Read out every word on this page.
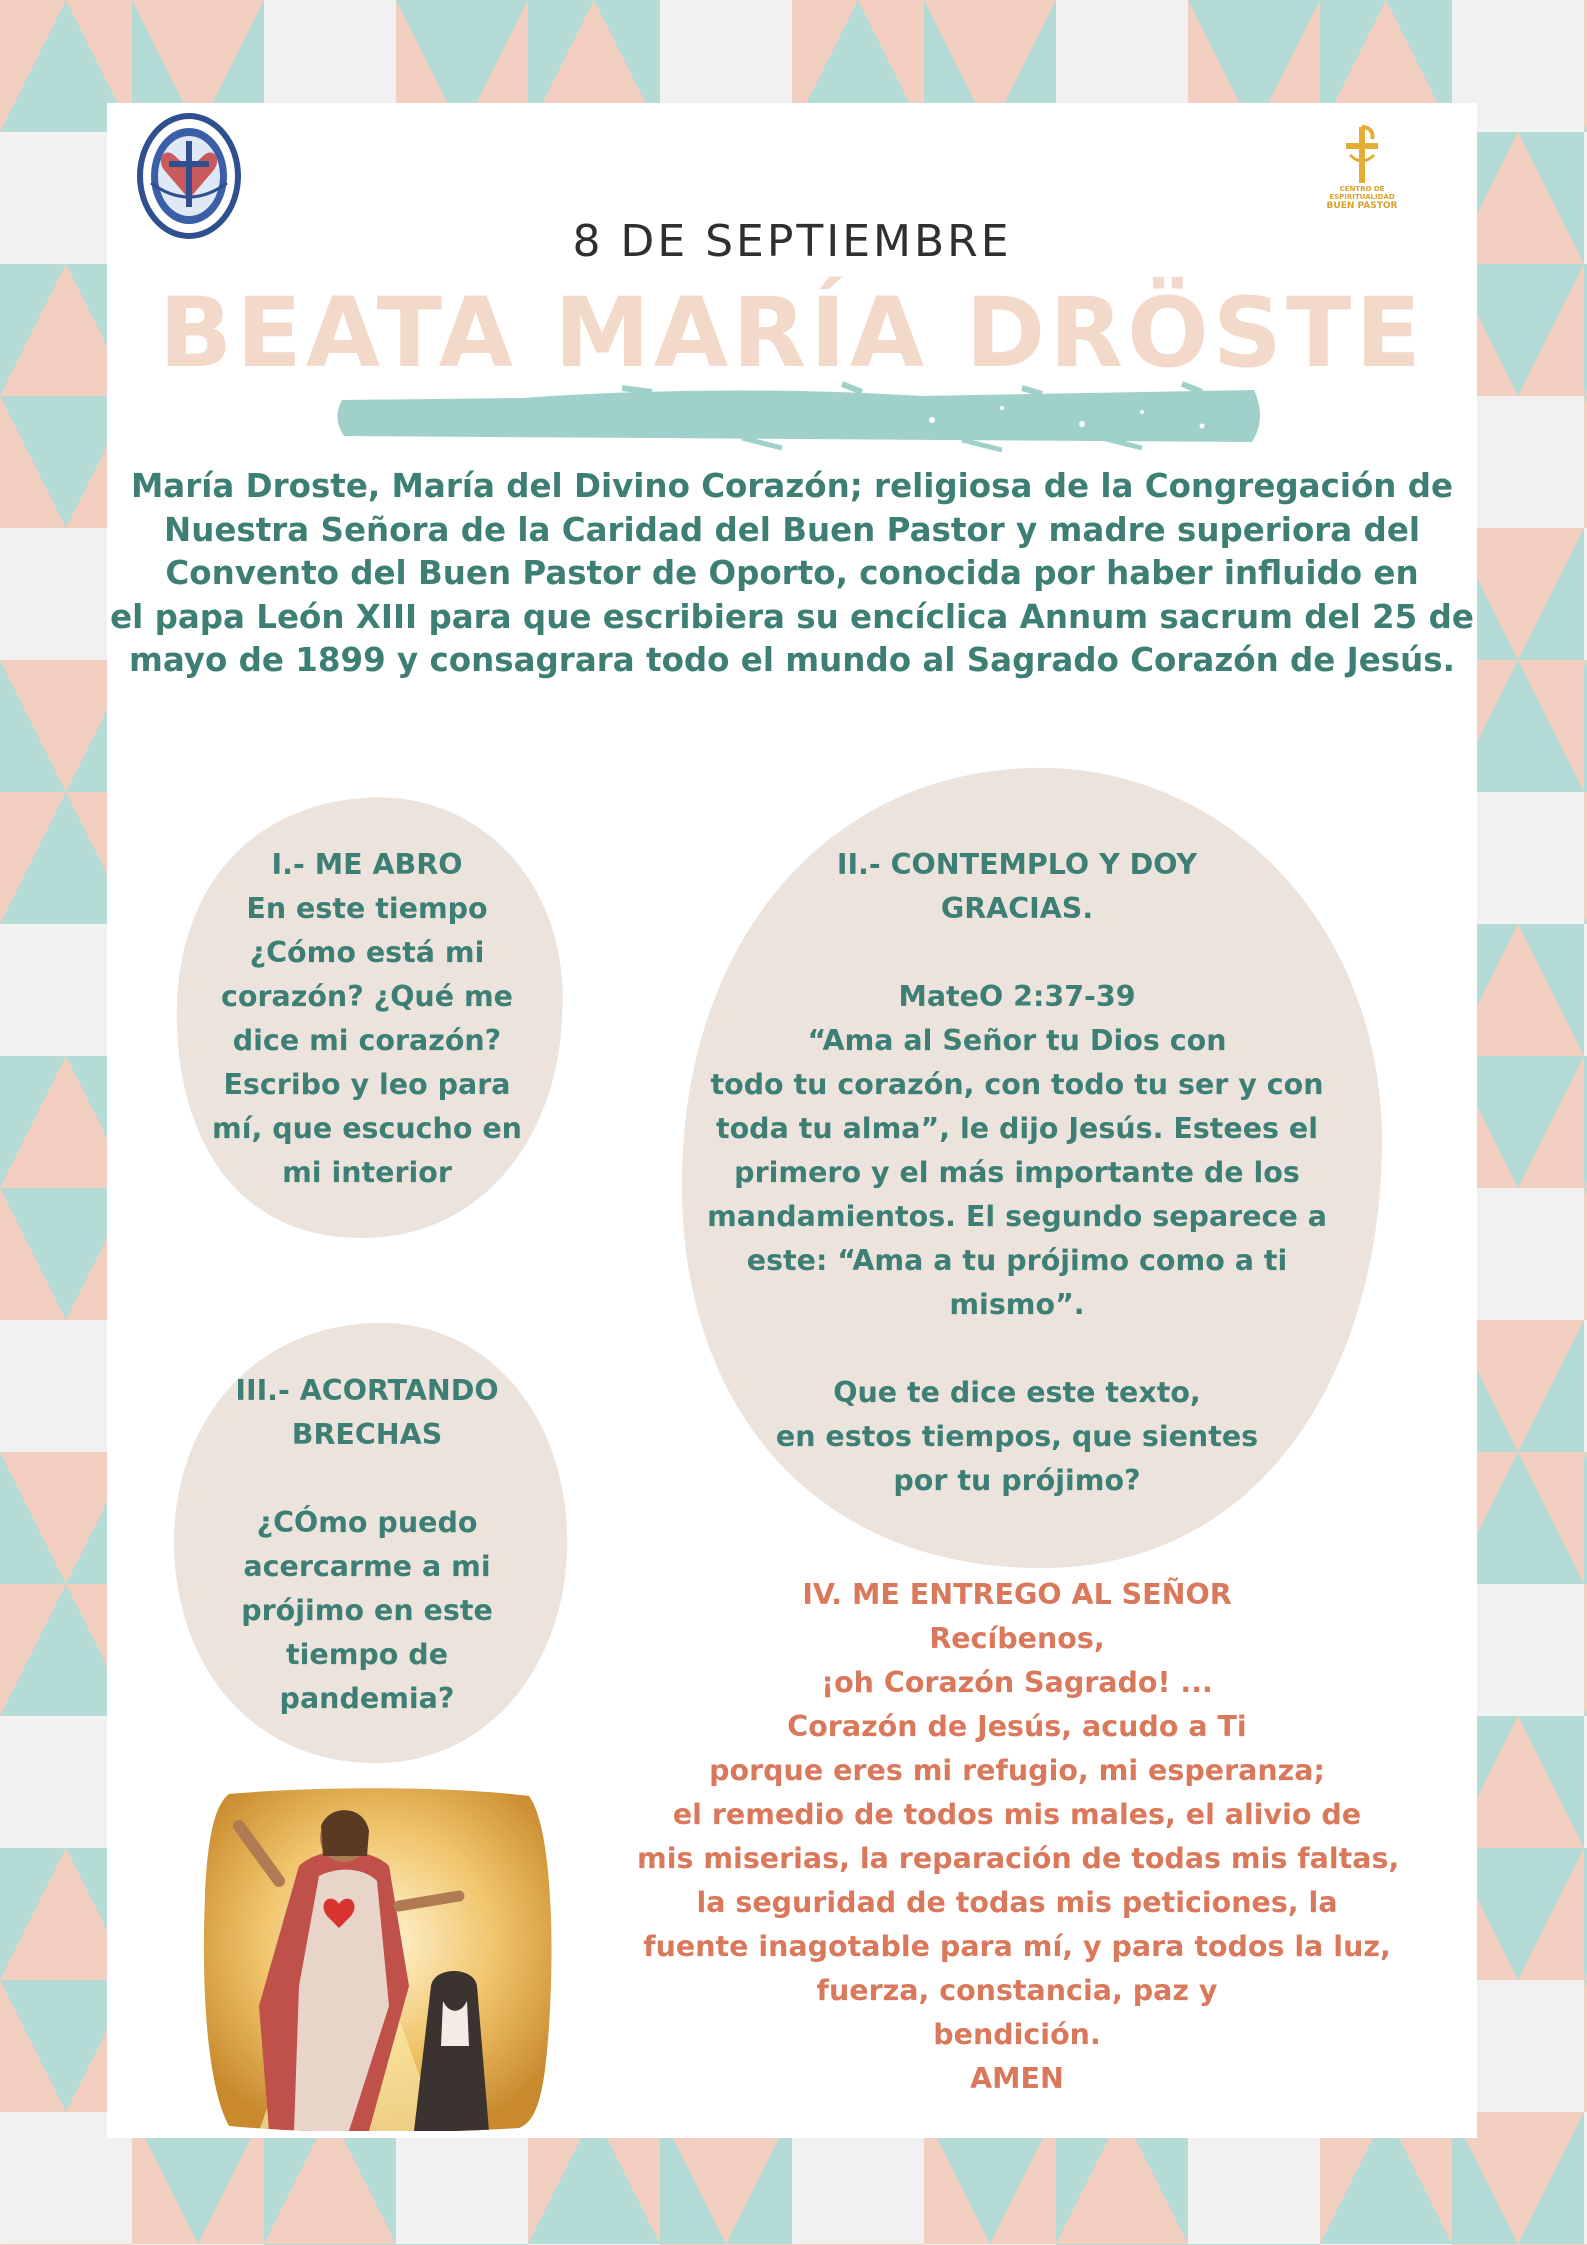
CENTRO DE
ESPIRITUALIDAD
BUEN PASTOR
8 DE SEPTIEMBRE
BEATA MARÍA DRÖSTE
María Droste, María del Divino Corazón; religiosa de la Congregación de
Nuestra Señora de la Caridad del Buen Pastor y madre superiora del
Convento del Buen Pastor de Oporto, conocida por haber influido en
el papa León XIII para que escribiera su encíclica Annum sacrum del 25 de
mayo de 1899 y consagrara todo el mundo al Sagrado Corazón de Jesús.
I.- ME ABRO
En este tiempo
¿Cómo está mi
corazón? ¿Qué me
dice mi corazón?
Escribo y leo para
mí, que escucho en
mi interior
II.- CONTEMPLO Y DOY
GRACIAS.
MateO 2:37-39
“Ama al Señor tu Dios con
todo tu corazón, con todo tu ser y con
toda tu alma”, le dijo Jesús. Estees el
primero y el más importante de los
mandamientos. El segundo separece a
este: “Ama a tu prójimo como a ti
mismo”.
Que te dice este texto,
en estos tiempos, que sientes
por tu prójimo?
III.- ACORTANDO
BRECHAS
¿CÓmo puedo
acercarme a mi
prójimo en este
tiempo de
pandemia?
IV. ME ENTREGO AL SEÑOR
Recíbenos,
¡oh Corazón Sagrado! ...
Corazón de Jesús, acudo a Ti
porque eres mi refugio, mi esperanza;
el remedio de todos mis males, el alivio de
mis miserias, la reparación de todas mis faltas,
la seguridad de todas mis peticiones, la
fuente inagotable para mí, y para todos la luz,
fuerza, constancia, paz y
bendición.
AMEN
